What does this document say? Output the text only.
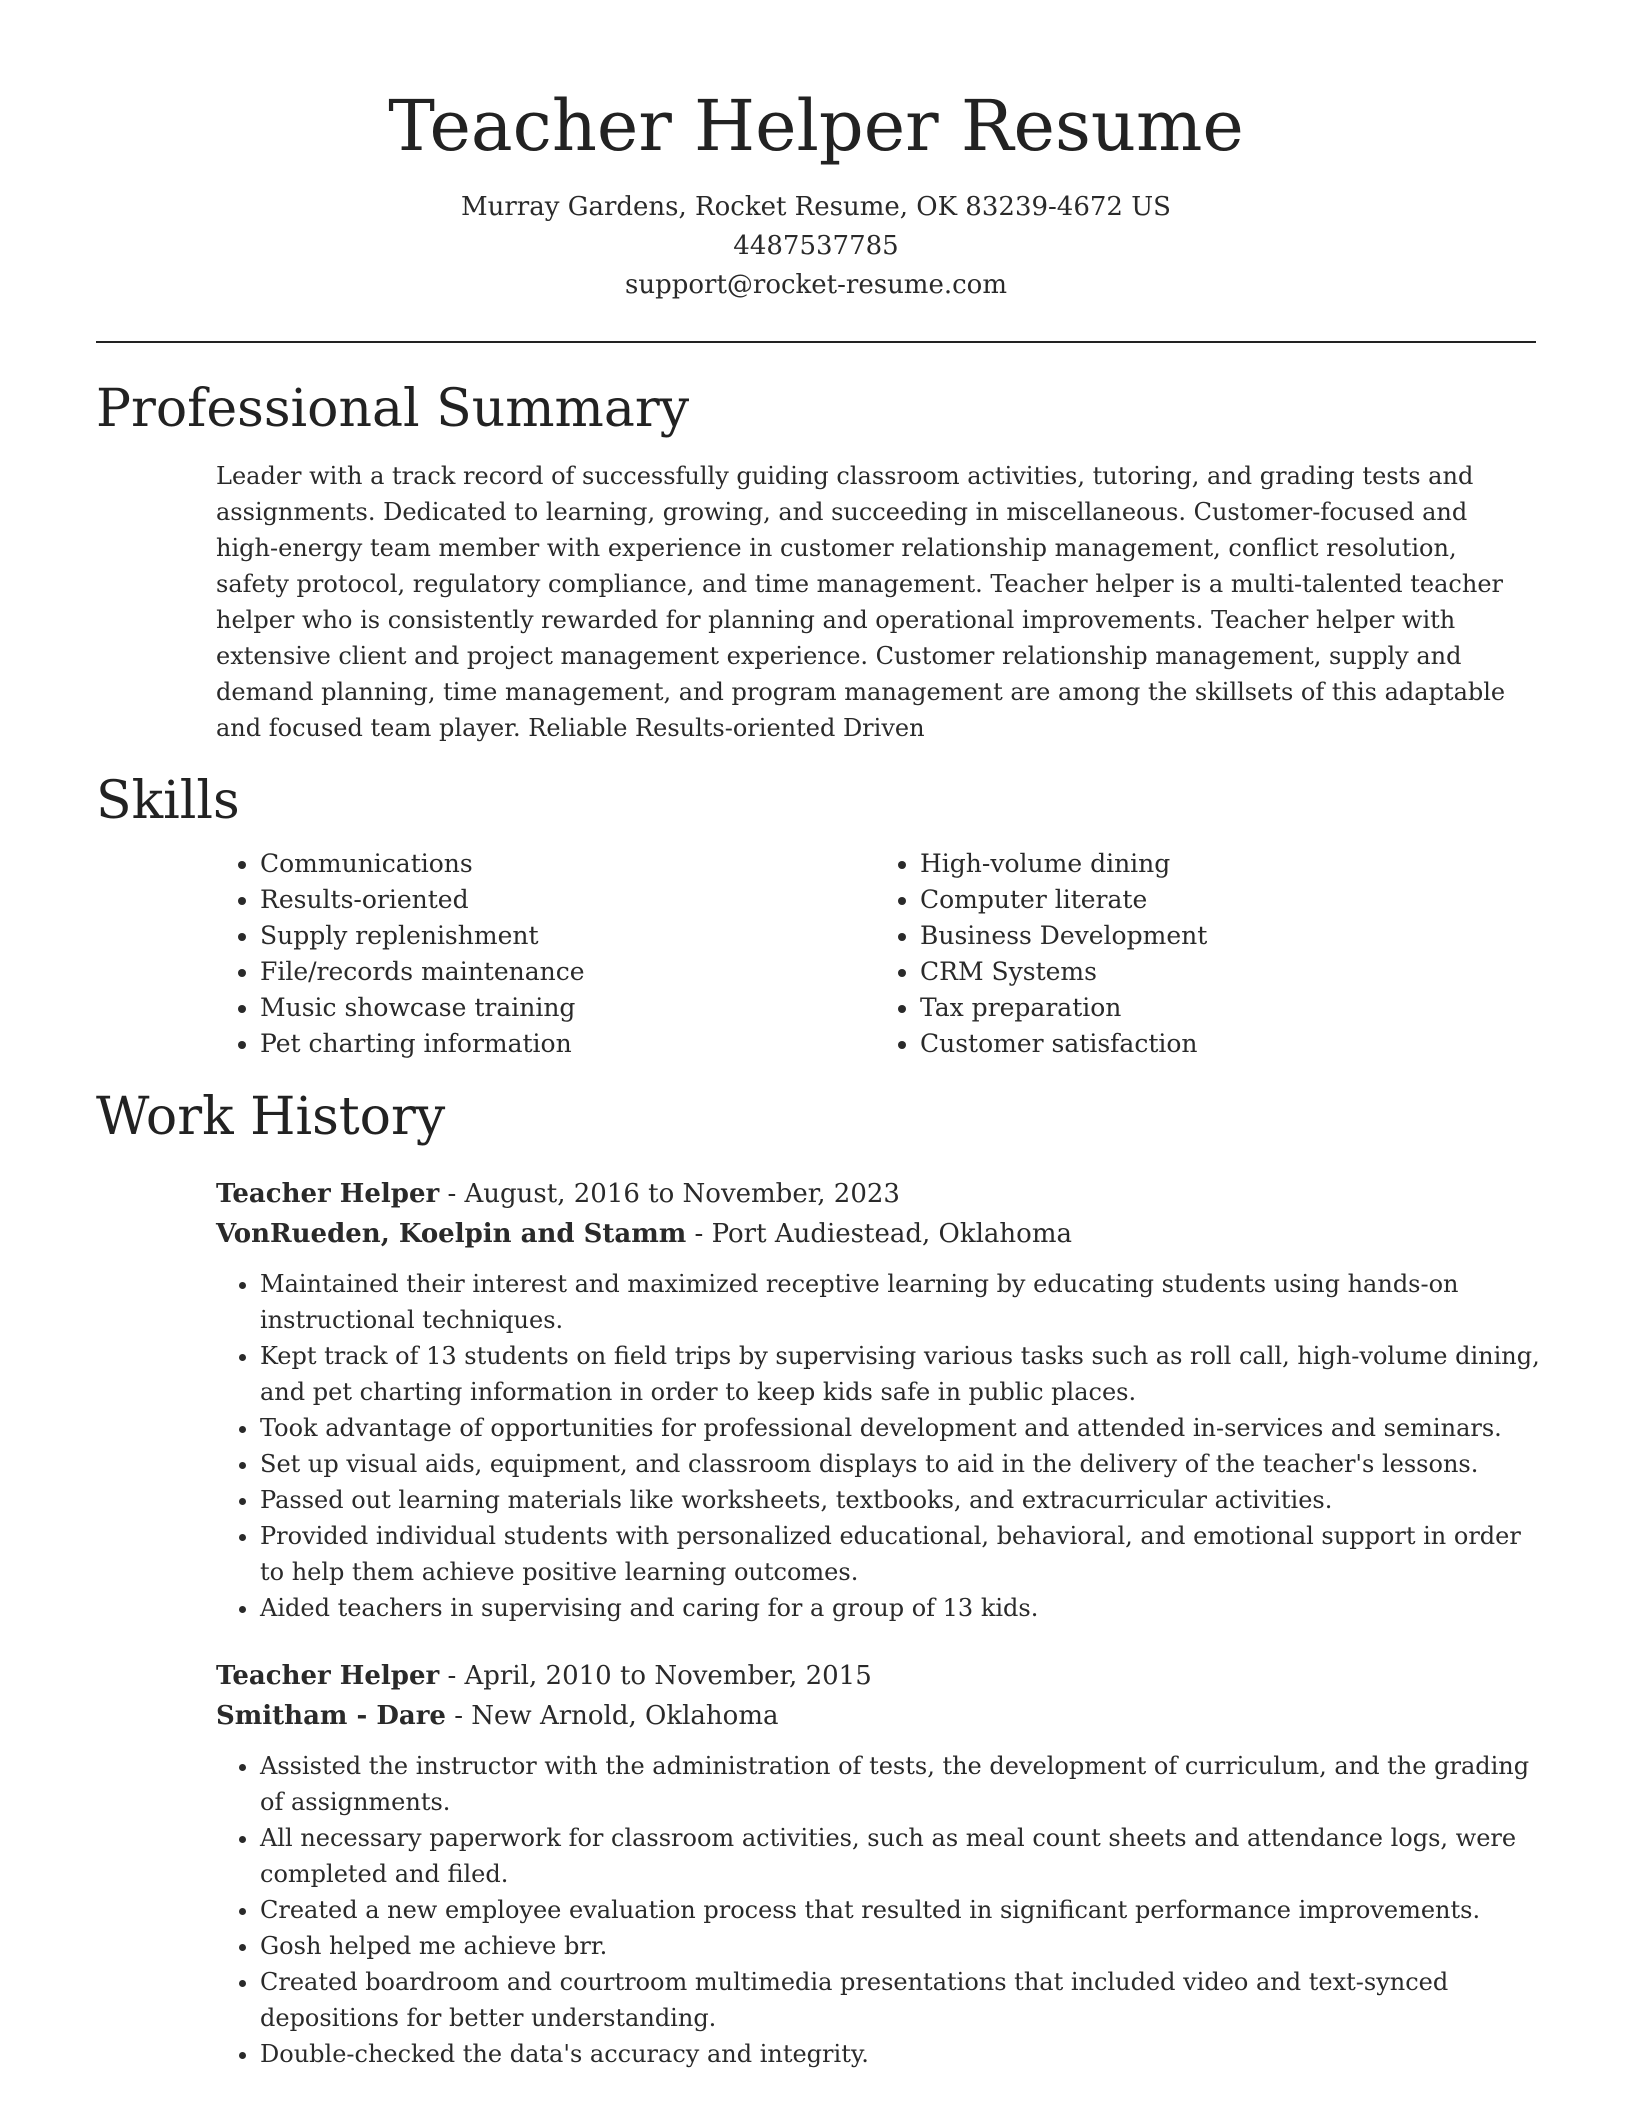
Teacher Helper Resume
Murray Gardens, Rocket Resume, OK 83239-4672 US
4487537785
support@rocket-resume.com
Professional Summary
Leader with a track record of successfully guiding classroom activities, tutoring, and grading tests and assignments. Dedicated to learning, growing, and succeeding in miscellaneous. Customer-focused and high-energy team member with experience in customer relationship management, conflict resolution, safety protocol, regulatory compliance, and time management. Teacher helper is a multi-talented teacher helper who is consistently rewarded for planning and operational improvements. Teacher helper with extensive client and project management experience. Customer relationship management, supply and demand planning, time management, and program management are among the skillsets of this adaptable and focused team player. Reliable Results-oriented Driven
Skills
• Communications
• Results-oriented
• Supply replenishment
• File/records maintenance
• Music showcase training
• Pet charting information
• High-volume dining
• Computer literate
• Business Development
• CRM Systems
• Tax preparation
• Customer satisfaction
Work History
Teacher Helper - August, 2016 to November, 2023
VonRueden, Koelpin and Stamm - Port Audiestead, Oklahoma
• Maintained their interest and maximized receptive learning by educating students using hands-on instructional techniques.
• Kept track of 13 students on field trips by supervising various tasks such as roll call, high-volume dining, and pet charting information in order to keep kids safe in public places.
• Took advantage of opportunities for professional development and attended in-services and seminars.
• Set up visual aids, equipment, and classroom displays to aid in the delivery of the teacher's lessons.
• Passed out learning materials like worksheets, textbooks, and extracurricular activities.
• Provided individual students with personalized educational, behavioral, and emotional support in order to help them achieve positive learning outcomes.
• Aided teachers in supervising and caring for a group of 13 kids.
Teacher Helper - April, 2010 to November, 2015
Smitham - Dare - New Arnold, Oklahoma
• Assisted the instructor with the administration of tests, the development of curriculum, and the grading of assignments.
• All necessary paperwork for classroom activities, such as meal count sheets and attendance logs, were completed and filed.
• Created a new employee evaluation process that resulted in significant performance improvements.
• Gosh helped me achieve brr.
• Created boardroom and courtroom multimedia presentations that included video and text-synced depositions for better understanding.
• Double-checked the data's accuracy and integrity.
